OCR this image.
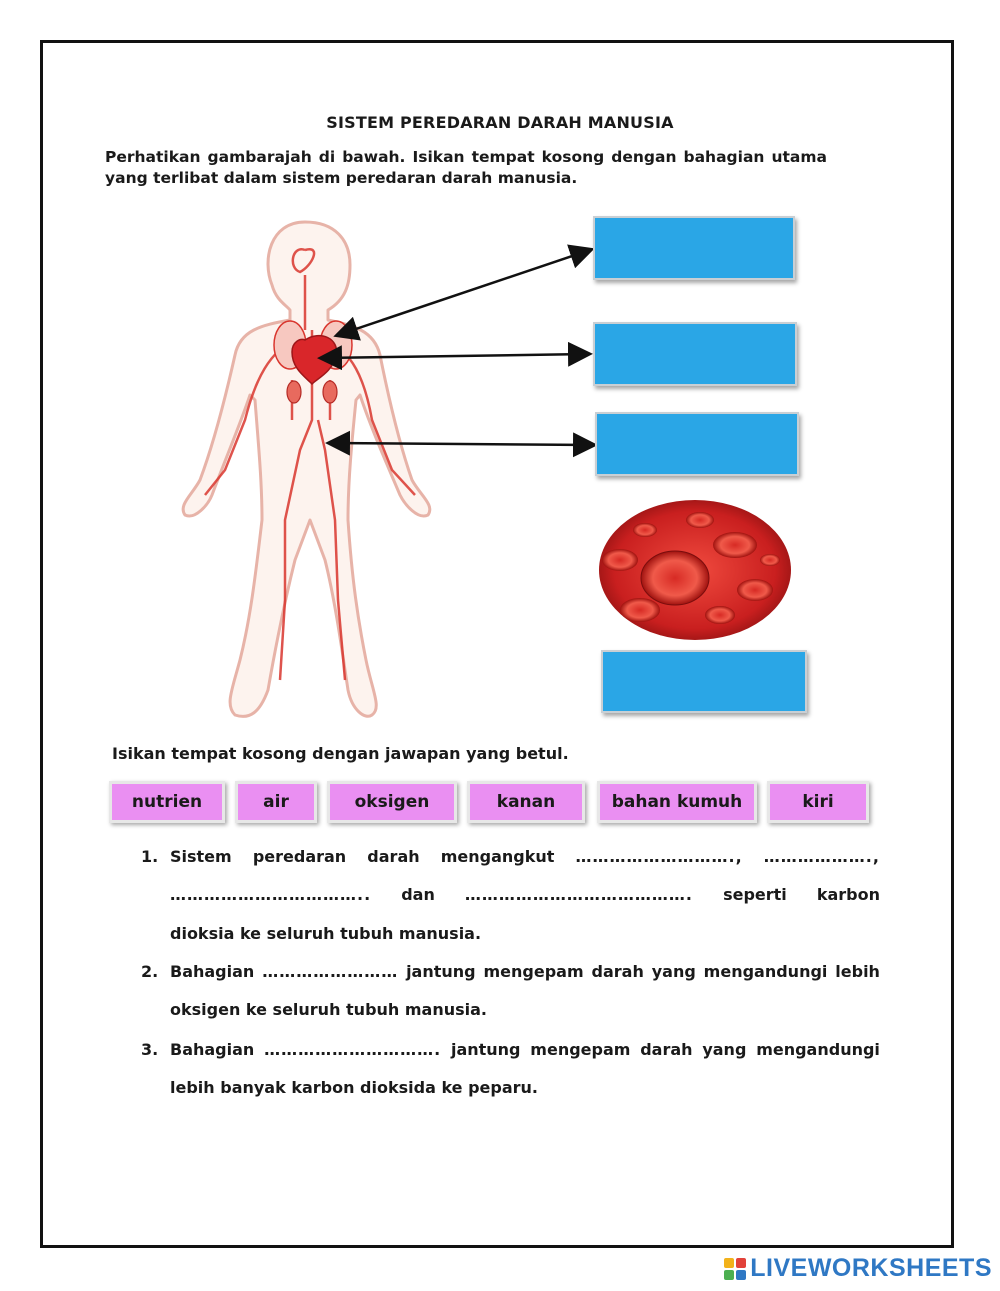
SISTEM PEREDARAN DARAH MANUSIA
Perhatikan gambarajah di bawah. Isikan tempat kosong dengan bahagian utama yang terlibat dalam sistem peredaran darah manusia.
Isikan tempat kosong dengan jawapan yang betul.
nutrien	air	oksigen	kanan	bahan kumuh	kiri
1. Sistem peredaran darah mengangkut ………………………., ……………….,
…………………………….. dan …………………………………. seperti karbon
dioksia ke seluruh tubuh manusia.
2. Bahagian …………………… jantung mengepam darah yang mengandungi lebih
oksigen ke seluruh tubuh manusia.
3. Bahagian …………………………. jantung mengepam darah yang mengandungi
lebih banyak karbon dioksida ke peparu.
LIVEWORKSHEETS
